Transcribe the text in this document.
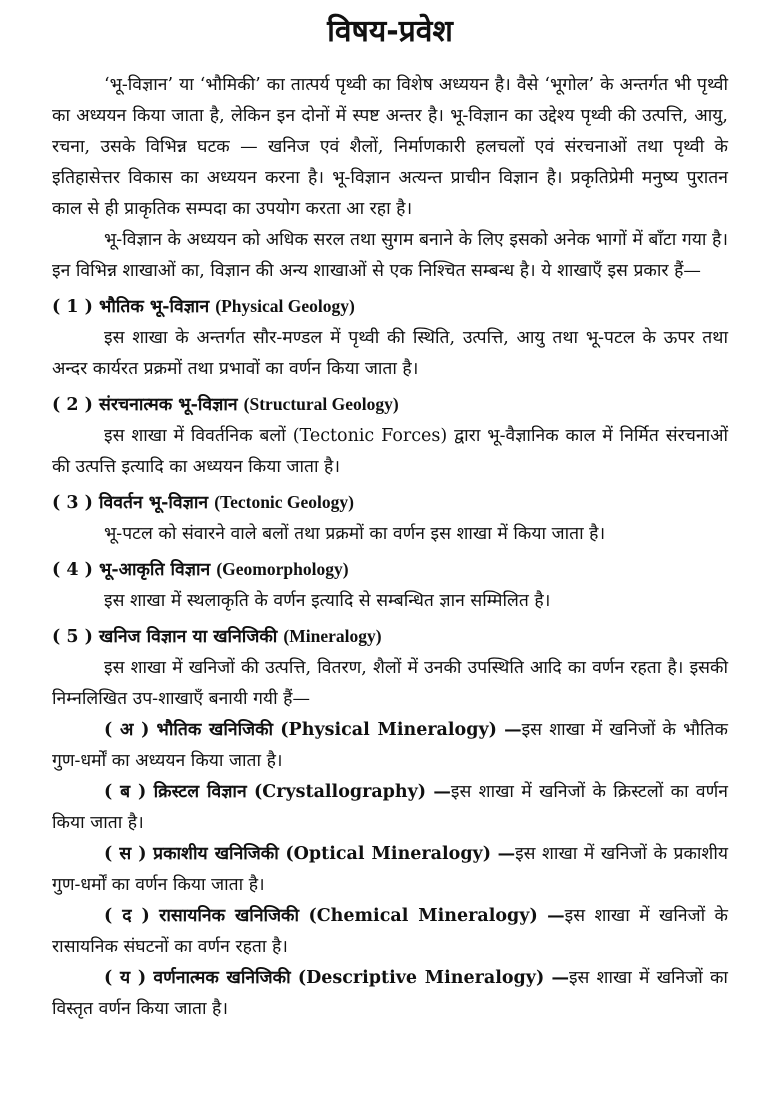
विषय-प्रवेश

‘भू-विज्ञान’ या ‘भौमिकी’ का तात्पर्य पृथ्वी का विशेष अध्ययन है। वैसे ‘भूगोल’ के अन्तर्गत भी पृथ्वी का अध्ययन किया जाता है, लेकिन इन दोनों में स्पष्ट अन्तर है। भू-विज्ञान का उद्देश्य पृथ्वी की उत्पत्ति, आयु, रचना, उसके विभिन्न घटक — खनिज एवं शैलों, निर्माणकारी हलचलों एवं संरचनाओं तथा पृथ्वी के इतिहासेत्तर विकास का अध्ययन करना है। भू-विज्ञान अत्यन्त प्राचीन विज्ञान है। प्रकृतिप्रेमी मनुष्य पुरातन काल से ही प्राकृतिक सम्पदा का उपयोग करता आ रहा है।

भू-विज्ञान के अध्ययन को अधिक सरल तथा सुगम बनाने के लिए इसको अनेक भागों में बाँटा गया है। इन विभिन्न शाखाओं का, विज्ञान की अन्य शाखाओं से एक निश्चित सम्बन्ध है। ये शाखाएँ इस प्रकार हैं—

( 1 ) भौतिक भू-विज्ञान (Physical Geology)

इस शाखा के अन्तर्गत सौर-मण्डल में पृथ्वी की स्थिति, उत्पत्ति, आयु तथा भू-पटल के ऊपर तथा अन्दर कार्यरत प्रक्रमों तथा प्रभावों का वर्णन किया जाता है।

( 2 ) संरचनात्मक भू-विज्ञान (Structural Geology)

इस शाखा में विवर्तनिक बलों (Tectonic Forces) द्वारा भू-वैज्ञानिक काल में निर्मित संरचनाओं की उत्पत्ति इत्यादि का अध्ययन किया जाता है।

( 3 ) विवर्तन भू-विज्ञान (Tectonic Geology)

भू-पटल को संवारने वाले बलों तथा प्रक्रमों का वर्णन इस शाखा में किया जाता है।

( 4 ) भू-आकृति विज्ञान (Geomorphology)

इस शाखा में स्थलाकृति के वर्णन इत्यादि से सम्बन्धित ज्ञान सम्मिलित है।

( 5 ) खनिज विज्ञान या खनिजिकी (Mineralogy)

इस शाखा में खनिजों की उत्पत्ति, वितरण, शैलों में उनकी उपस्थिति आदि का वर्णन रहता है। इसकी निम्नलिखित उप-शाखाएँ बनायी गयी हैं—

( अ ) भौतिक खनिजिकी (Physical Mineralogy) —इस शाखा में खनिजों के भौतिक गुण-धर्मों का अध्ययन किया जाता है।

( ब ) क्रिस्टल विज्ञान (Crystallography) —इस शाखा में खनिजों के क्रिस्टलों का वर्णन किया जाता है।

( स ) प्रकाशीय खनिजिकी (Optical Mineralogy) —इस शाखा में खनिजों के प्रकाशीय गुण-धर्मों का वर्णन किया जाता है।

( द ) रासायनिक खनिजिकी (Chemical Mineralogy) —इस शाखा में खनिजों के रासायनिक संघटनों का वर्णन रहता है।

( य ) वर्णनात्मक खनिजिकी (Descriptive Mineralogy) —इस शाखा में खनिजों का विस्तृत वर्णन किया जाता है।
